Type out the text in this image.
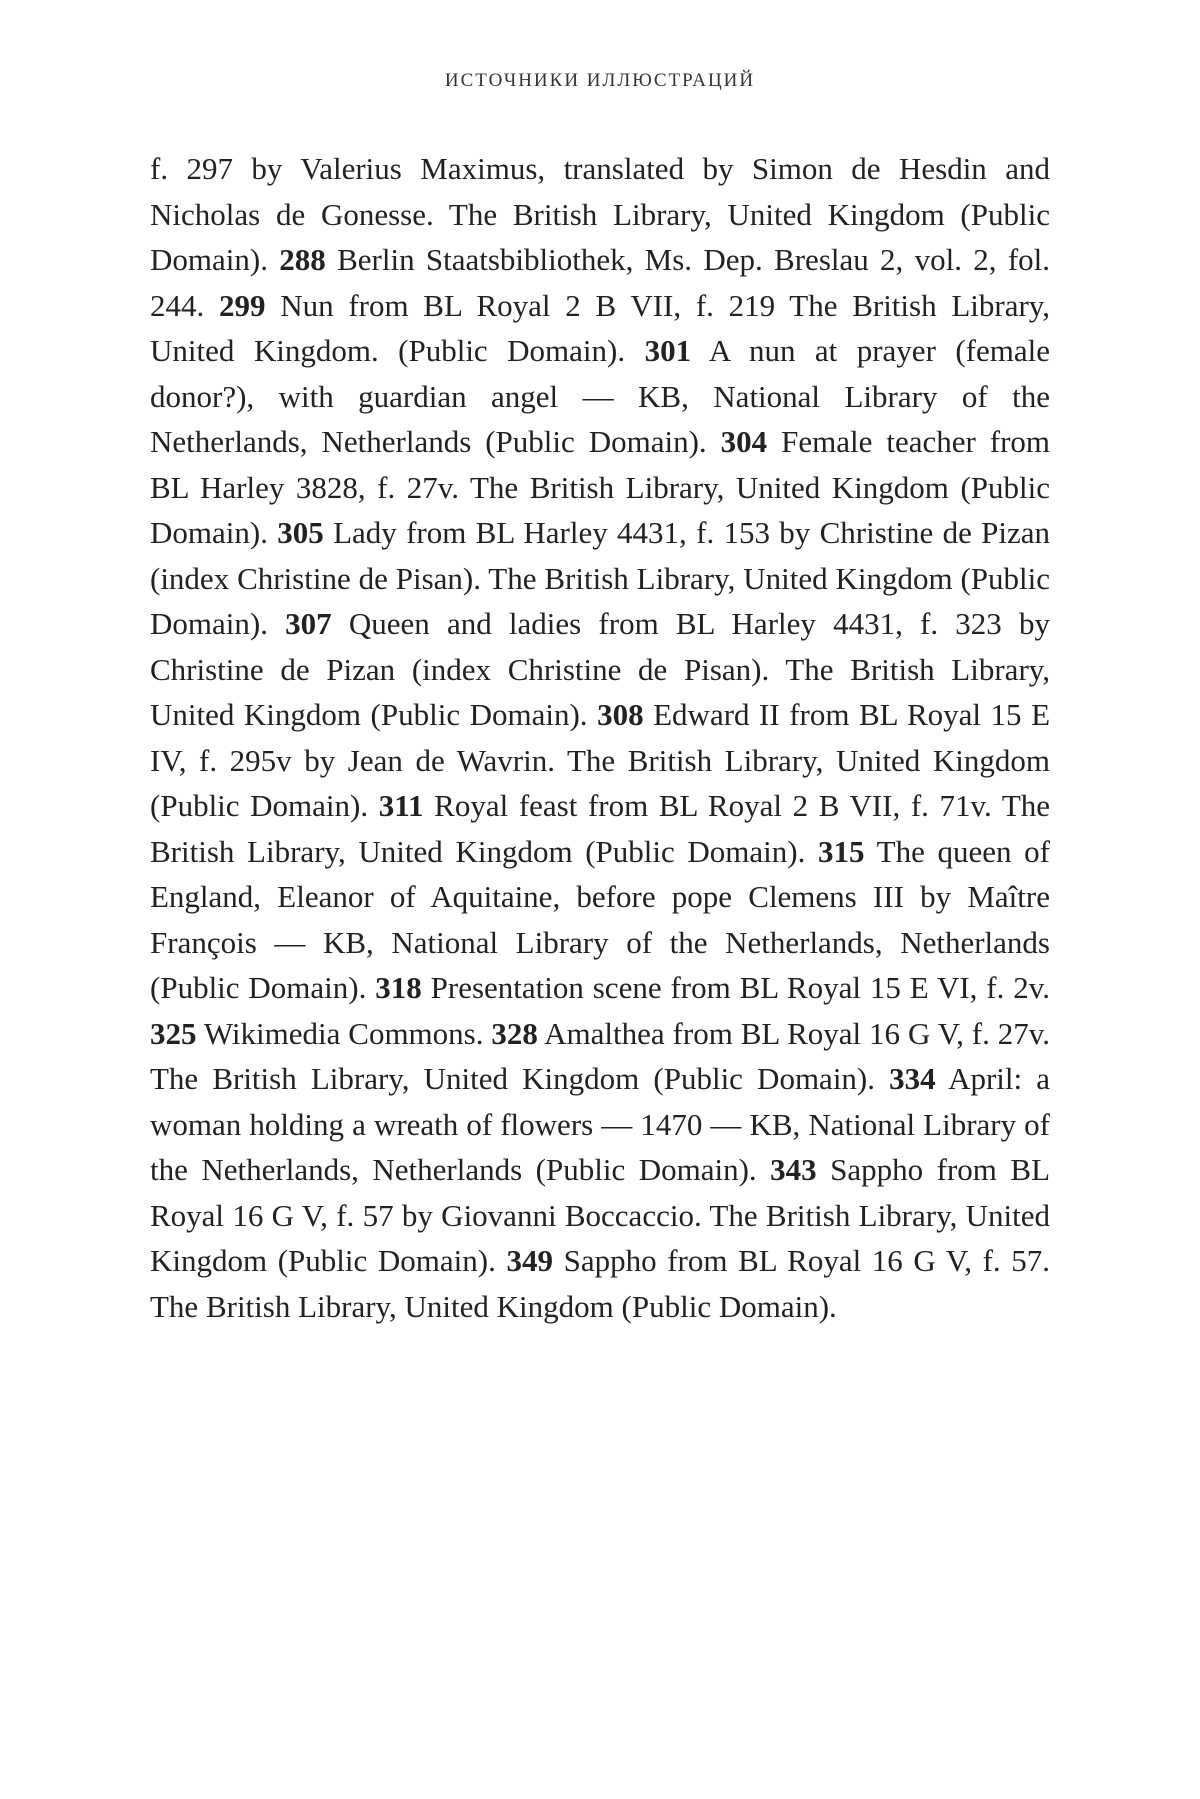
ИСТОЧНИКИ ИЛЛЮСТРАЦИЙ

f. 297 by Valerius Maximus, translated by Simon de Hesdin and Nicholas de Gonesse. The British Library, United Kingdom (Public Domain). 288 Berlin Staatsbibliothek, Ms. Dep. Breslau 2, vol. 2, fol. 244. 299 Nun from BL Royal 2 B VII, f. 219 The British Library, United Kingdom. (Public Domain). 301 A nun at prayer (female donor?), with guardian angel — KB, National Library of the Netherlands, Netherlands (Public Domain). 304 Female teacher from BL Harley 3828, f. 27v. The British Library, United Kingdom (Public Domain). 305 Lady from BL Harley 4431, f. 153 by Christine de Pizan (index Christine de Pisan). The British Library, United Kingdom (Public Domain). 307 Queen and ladies from BL Harley 4431, f. 323 by Christine de Pizan (index Christine de Pisan). The British Library, United Kingdom (Public Domain). 308 Edward II from BL Royal 15 E IV, f. 295v by Jean de Wavrin. The British Library, United Kingdom (Public Domain). 311 Royal feast from BL Royal 2 B VII, f. 71v. The British Library, United Kingdom (Public Domain). 315 The queen of England, Eleanor of Aquitaine, before pope Clemens III by Maître François — KB, National Library of the Netherlands, Netherlands (Public Domain). 318 Presentation scene from BL Royal 15 E VI, f. 2v. 325 Wikimedia Commons. 328 Amalthea from BL Royal 16 G V, f. 27v. The British Library, United Kingdom (Public Domain). 334 April: a woman holding a wreath of flowers — 1470 — KB, National Library of the Netherlands, Netherlands (Public Domain). 343 Sappho from BL Royal 16 G V, f. 57 by Giovanni Boccaccio. The British Library, United Kingdom (Public Domain). 349 Sappho from BL Royal 16 G V, f. 57. The British Library, United Kingdom (Public Domain).
